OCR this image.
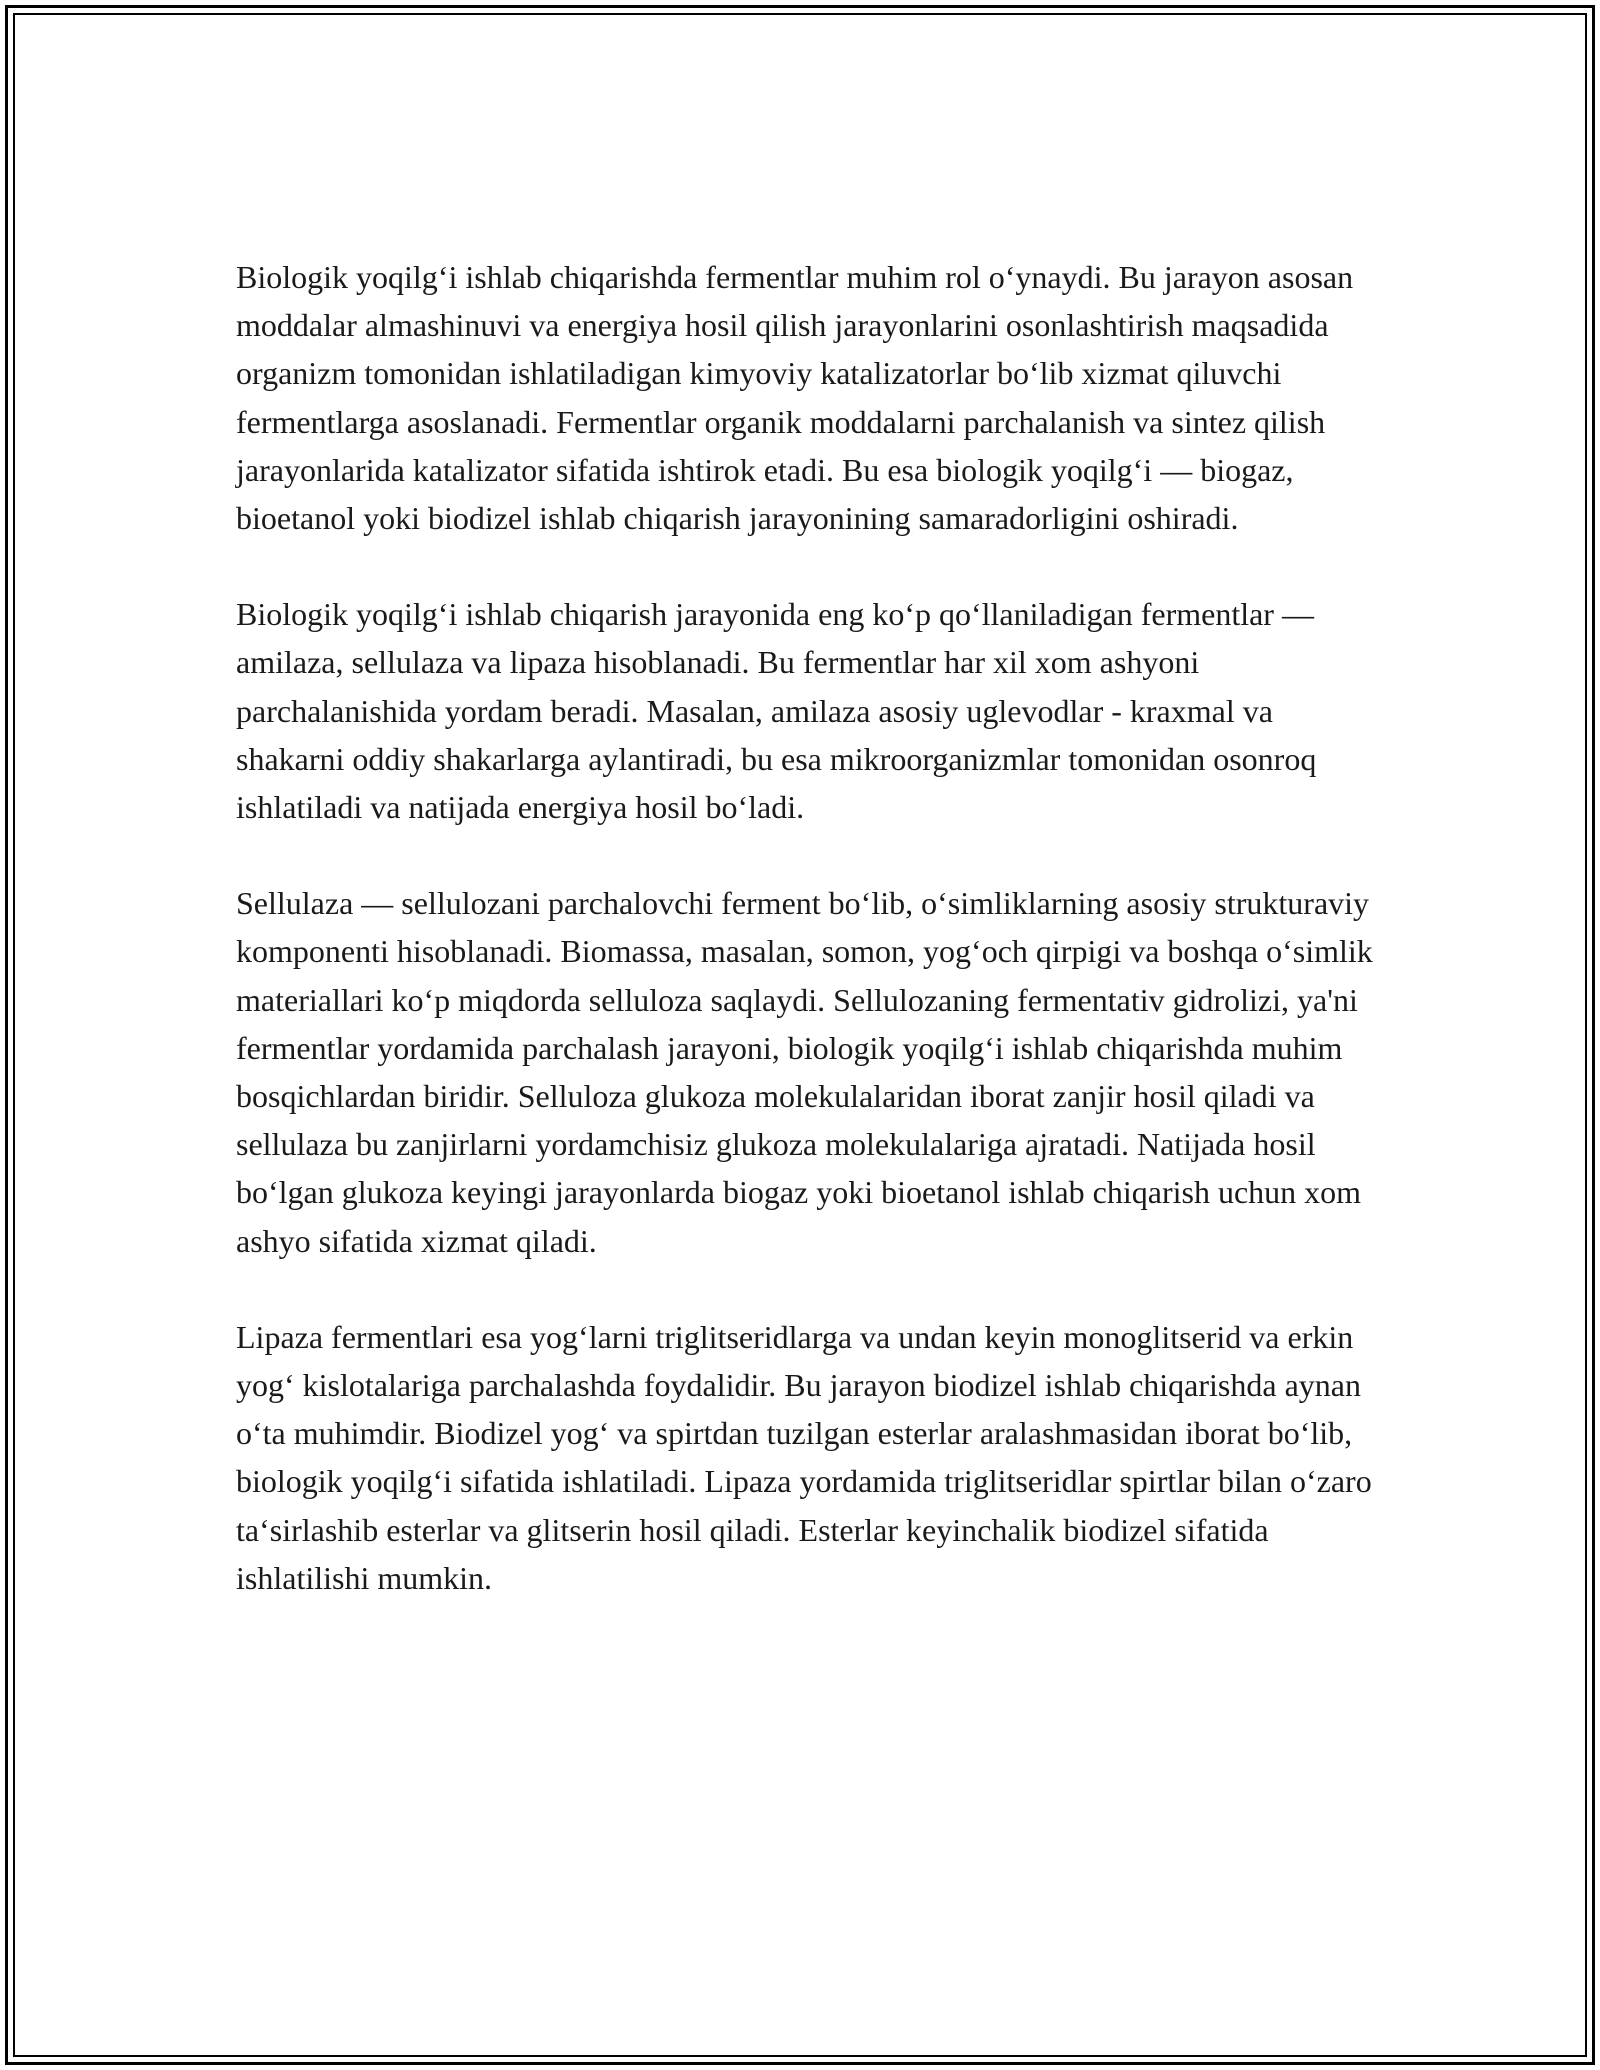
Biologik yoqilgʻi ishlab chiqarishda fermentlar muhim rol oʻynaydi. Bu jarayon asosan moddalar almashinuvi va energiya hosil qilish jarayonlarini osonlashtirish maqsadida organizm tomonidan ishlatiladigan kimyoviy katalizatorlar boʻlib xizmat qiluvchi fermentlarga asoslanadi. Fermentlar organik moddalarni parchalanish va sintez qilish jarayonlarida katalizator sifatida ishtirok etadi. Bu esa biologik yoqilgʻi — biogaz, bioetanol yoki biodizel ishlab chiqarish jarayonining samaradorligini oshiradi.

Biologik yoqilgʻi ishlab chiqarish jarayonida eng koʻp qoʻllaniladigan fermentlar — amilaza, sellulaza va lipaza hisoblanadi. Bu fermentlar har xil xom ashyoni parchalanishida yordam beradi. Masalan, amilaza asosiy uglevodlar - kraxmal va shakarni oddiy shakarlarga aylantiradi, bu esa mikroorganizmlar tomonidan osonroq ishlatiladi va natijada energiya hosil boʻladi.

Sellulaza — sellulozani parchalovchi ferment boʻlib, oʻsimliklarning asosiy strukturaviy komponenti hisoblanadi. Biomassa, masalan, somon, yogʻoch qirpigi va boshqa oʻsimlik materiallari koʻp miqdorda selluloza saqlaydi. Sellulozaning fermentativ gidrolizi, ya'ni fermentlar yordamida parchalash jarayoni, biologik yoqilgʻi ishlab chiqarishda muhim bosqichlardan biridir. Selluloza glukoza molekulalaridan iborat zanjir hosil qiladi va sellulaza bu zanjirlarni yordamchisiz glukoza molekulalariga ajratadi. Natijada hosil boʻlgan glukoza keyingi jarayonlarda biogaz yoki bioetanol ishlab chiqarish uchun xom ashyo sifatida xizmat qiladi.

Lipaza fermentlari esa yogʻlarni triglitseridlarga va undan keyin monoglitserid va erkin yogʻ kislotalariga parchalashda foydalidir. Bu jarayon biodizel ishlab chiqarishda aynan oʻta muhimdir. Biodizel yogʻ va spirtdan tuzilgan esterlar aralashmasidan iborat boʻlib, biologik yoqilgʻi sifatida ishlatiladi. Lipaza yordamida triglitseridlar spirtlar bilan oʻzaro taʻsirlashib esterlar va glitserin hosil qiladi. Esterlar keyinchalik biodizel sifatida ishlatilishi mumkin.
